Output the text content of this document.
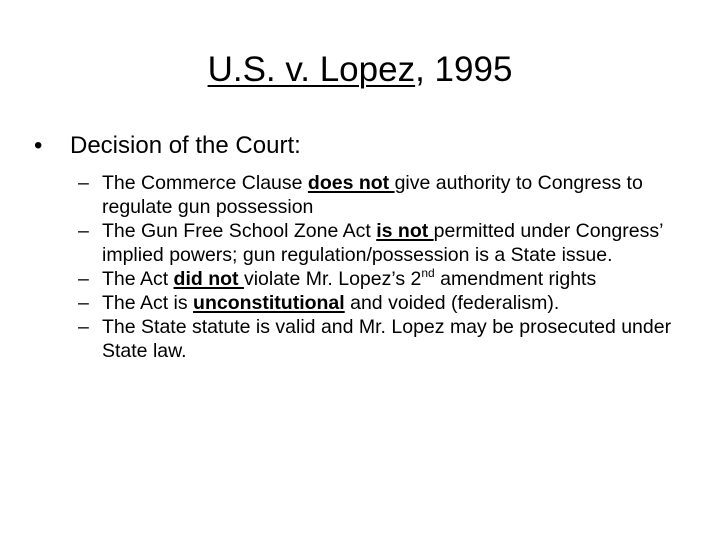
U.S. v. Lopez, 1995
• Decision of the Court:
– The Commerce Clause does not give authority to Congress to regulate gun possession
– The Gun Free School Zone Act is not permitted under Congress’ implied powers; gun regulation/possession is a State issue.
– The Act did not violate Mr. Lopez’s 2nd amendment rights
– The Act is unconstitutional and voided (federalism).
– The State statute is valid and Mr. Lopez may be prosecuted under State law.
